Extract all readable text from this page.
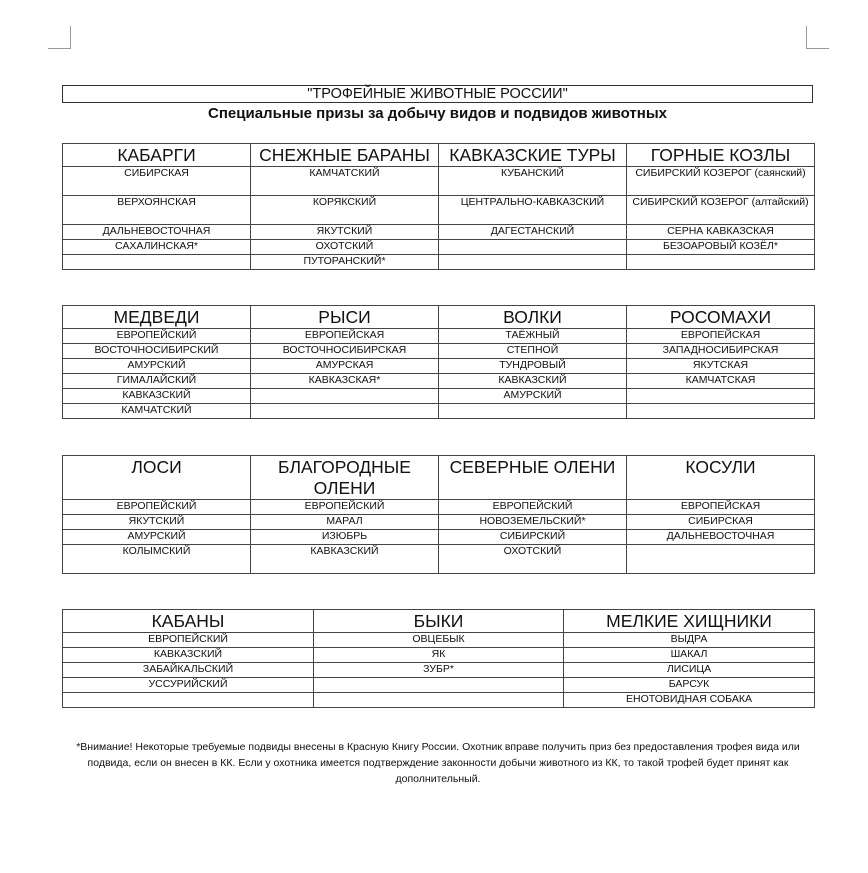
"ТРОФЕЙНЫЕ ЖИВОТНЫЕ РОССИИ"
Специальные призы за добычу видов и подвидов животных
КАБАРГИ	СНЕЖНЫЕ БАРАНЫ	КАВКАЗСКИЕ ТУРЫ	ГОРНЫЕ КОЗЛЫ
СИБИРСКАЯ	КАМЧАТСКИЙ	КУБАНСКИЙ	СИБИРСКИЙ КОЗЕРОГ (саянский)
ВЕРХОЯНСКАЯ	КОРЯКСКИЙ	ЦЕНТРАЛЬНО-КАВКАЗСКИЙ	СИБИРСКИЙ КОЗЕРОГ (алтайский)
ДАЛЬНЕВОСТОЧНАЯ	ЯКУТСКИЙ	ДАГЕСТАНСКИЙ	СЕРНА КАВКАЗСКАЯ
САХАЛИНСКАЯ*	ОХОТСКИЙ		БЕЗОАРОВЫЙ КОЗЁЛ*
	ПУТОРАНСКИЙ*		
МЕДВЕДИ	РЫСИ	ВОЛКИ	РОСОМАХИ
ЕВРОПЕЙСКИЙ	ЕВРОПЕЙСКАЯ	ТАЁЖНЫЙ	ЕВРОПЕЙСКАЯ
ВОСТОЧНОСИБИРСКИЙ	ВОСТОЧНОСИБИРСКАЯ	СТЕПНОЙ	ЗАПАДНОСИБИРСКАЯ
АМУРСКИЙ	АМУРСКАЯ	ТУНДРОВЫЙ	ЯКУТСКАЯ
ГИМАЛАЙСКИЙ	КАВКАЗСКАЯ*	КАВКАЗСКИЙ	КАМЧАТСКАЯ
КАВКАЗСКИЙ		АМУРСКИЙ	
КАМЧАТСКИЙ			
ЛОСИ	БЛАГОРОДНЫЕ ОЛЕНИ	СЕВЕРНЫЕ ОЛЕНИ	КОСУЛИ
ЕВРОПЕЙСКИЙ	ЕВРОПЕЙСКИЙ	ЕВРОПЕЙСКИЙ	ЕВРОПЕЙСКАЯ
ЯКУТСКИЙ	МАРАЛ	НОВОЗЕМЕЛЬСКИЙ*	СИБИРСКАЯ
АМУРСКИЙ	ИЗЮБРЬ	СИБИРСКИЙ	ДАЛЬНЕВОСТОЧНАЯ
КОЛЫМСКИЙ	КАВКАЗСКИЙ	ОХОТСКИЙ	
КАБАНЫ	БЫКИ	МЕЛКИЕ ХИЩНИКИ
ЕВРОПЕЙСКИЙ	ОВЦЕБЫК	ВЫДРА
КАВКАЗСКИЙ	ЯК	ШАКАЛ
ЗАБАЙКАЛЬСКИЙ	ЗУБР*	ЛИСИЦА
УССУРИЙСКИЙ		БАРСУК
		ЕНОТОВИДНАЯ СОБАКА
*Внимание! Некоторые требуемые подвиды внесены в Красную Книгу России. Охотник вправе получить приз без предоставления трофея вида или подвида, если он внесен в КК. Если у охотника имеется подтверждение законности добычи животного из КК, то такой трофей будет принят как дополнительный.
